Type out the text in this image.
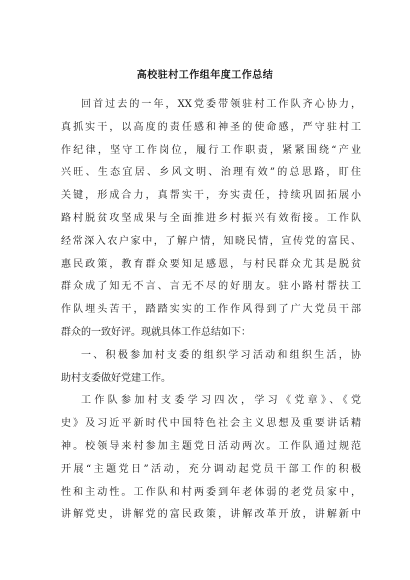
高校驻村工作组年度工作总结
回首过去的一年，XX党委带领驻村工作队齐心协力，
真抓实干，以高度的责任感和神圣的使命感，严守驻村工
作纪律，坚守工作岗位，履行工作职责，紧紧围绕“产业
兴旺、生态宜居、乡风文明、治理有效”的总思路，盯住
关键，形成合力，真帮实干，夯实责任，持续巩固拓展小
路村脱贫攻坚成果与全面推进乡村振兴有效衔接。工作队
经常深入农户家中，了解户情，知晓民情，宣传党的富民、
惠民政策，教育群众要知足感恩，与村民群众尤其是脱贫
群众成了知无不言、言无不尽的好朋友。驻小路村帮扶工
作队埋头苦干，踏踏实实的工作作风得到了广大党员干部
群众的一致好评。现就具体工作总结如下：
一、积极参加村支委的组织学习活动和组织生活，协
助村支委做好党建工作。
工作队参加村支委学习四次，学习《党章》、《党
史》及习近平新时代中国特色社会主义思想及重要讲话精
神。校领导来村参加主题党日活动两次。工作队通过规范
开展“主题党日”活动，充分调动起党员干部工作的积极
性和主动性。工作队和村两委到年老体弱的老党员家中，
讲解党史，讲解党的富民政策，讲解改革开放，讲解新中
